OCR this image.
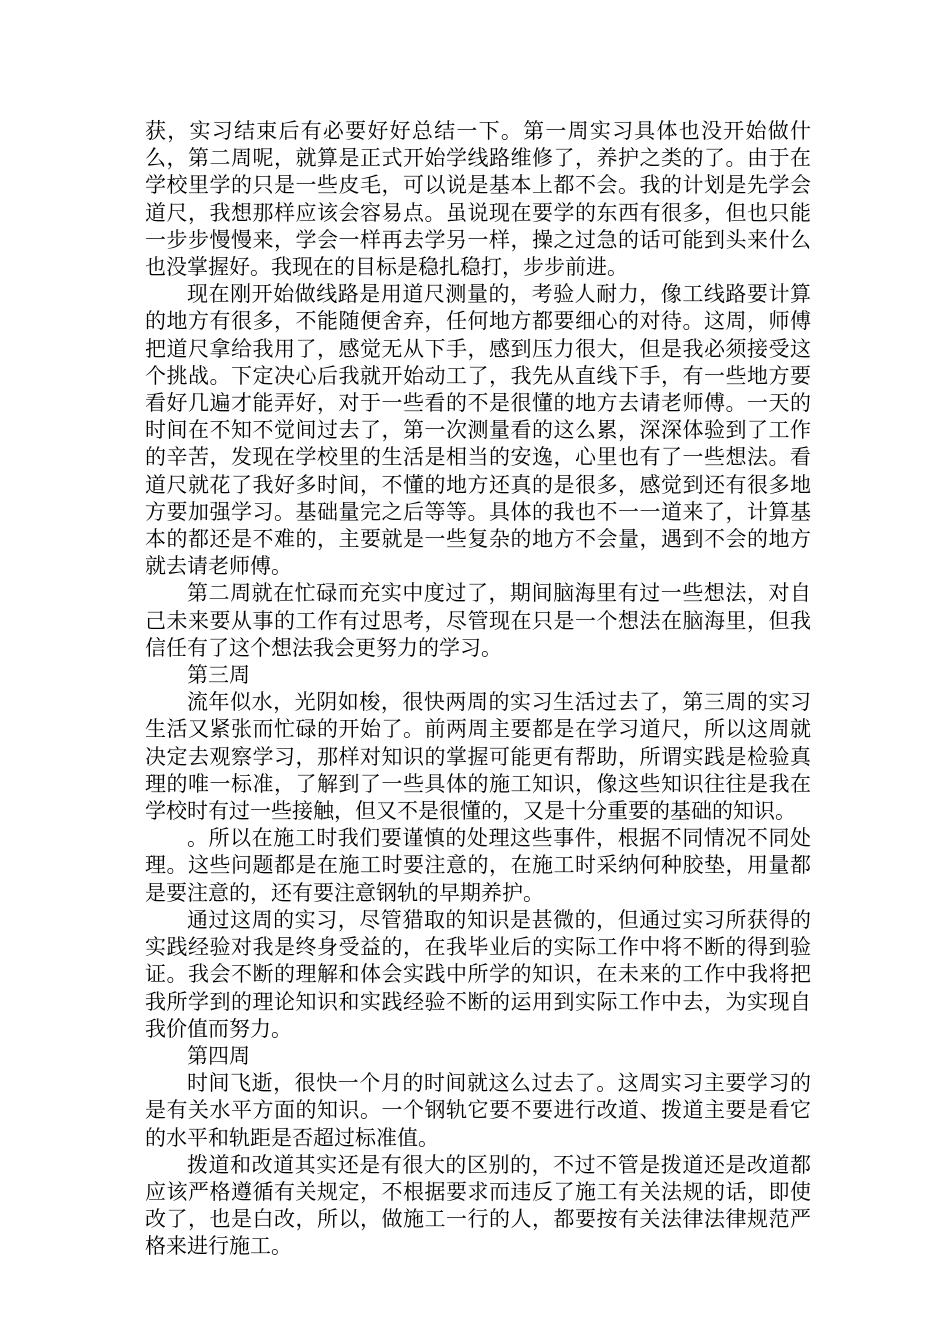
获，实习结束后有必要好好总结一下。第一周实习具体也没开始做什么，第二周呢，就算是正式开始学线路维修了，养护之类的了。由于在学校里学的只是一些皮毛，可以说是基本上都不会。我的计划是先学会道尺，我想那样应该会容易点。虽说现在要学的东西有很多，但也只能一步步慢慢来，学会一样再去学另一样，操之过急的话可能到头来什么也没掌握好。我现在的目标是稳扎稳打，步步前进。

现在刚开始做线路是用道尺测量的，考验人耐力，像工线路要计算的地方有很多，不能随便舍弃，任何地方都要细心的对待。这周，师傅把道尺拿给我用了，感觉无从下手，感到压力很大，但是我必须接受这个挑战。下定决心后我就开始动工了，我先从直线下手，有一些地方要看好几遍才能弄好，对于一些看的不是很懂的地方去请老师傅。一天的时间在不知不觉间过去了，第一次测量看的这么累，深深体验到了工作的辛苦，发现在学校里的生活是相当的安逸，心里也有了一些想法。看道尺就花了我好多时间，不懂的地方还真的是很多，感觉到还有很多地方要加强学习。基础量完之后等等。具体的我也不一一道来了，计算基本的都还是不难的，主要就是一些复杂的地方不会量，遇到不会的地方就去请老师傅。

第二周就在忙碌而充实中度过了，期间脑海里有过一些想法，对自己未来要从事的工作有过思考，尽管现在只是一个想法在脑海里，但我信任有了这个想法我会更努力的学习。

第三周

流年似水，光阴如梭，很快两周的实习生活过去了，第三周的实习生活又紧张而忙碌的开始了。前两周主要都是在学习道尺，所以这周就决定去观察学习，那样对知识的掌握可能更有帮助，所谓实践是检验真理的唯一标准，了解到了一些具体的施工知识，像这些知识往往是我在学校时有过一些接触，但又不是很懂的，又是十分重要的基础的知识。

。所以在施工时我们要谨慎的处理这些事件，根据不同情况不同处理。这些问题都是在施工时要注意的，在施工时采纳何种胶垫，用量都是要注意的，还有要注意钢轨的早期养护。

通过这周的实习，尽管猎取的知识是甚微的，但通过实习所获得的实践经验对我是终身受益的，在我毕业后的实际工作中将不断的得到验证。我会不断的理解和体会实践中所学的知识，在未来的工作中我将把我所学到的理论知识和实践经验不断的运用到实际工作中去，为实现自我价值而努力。

第四周

时间飞逝，很快一个月的时间就这么过去了。这周实习主要学习的是有关水平方面的知识。一个钢轨它要不要进行改道、拨道主要是看它的水平和轨距是否超过标准值。

拨道和改道其实还是有很大的区别的，不过不管是拨道还是改道都应该严格遵循有关规定，不根据要求而违反了施工有关法规的话，即使改了，也是白改，所以，做施工一行的人，都要按有关法律法律规范严格来进行施工。
